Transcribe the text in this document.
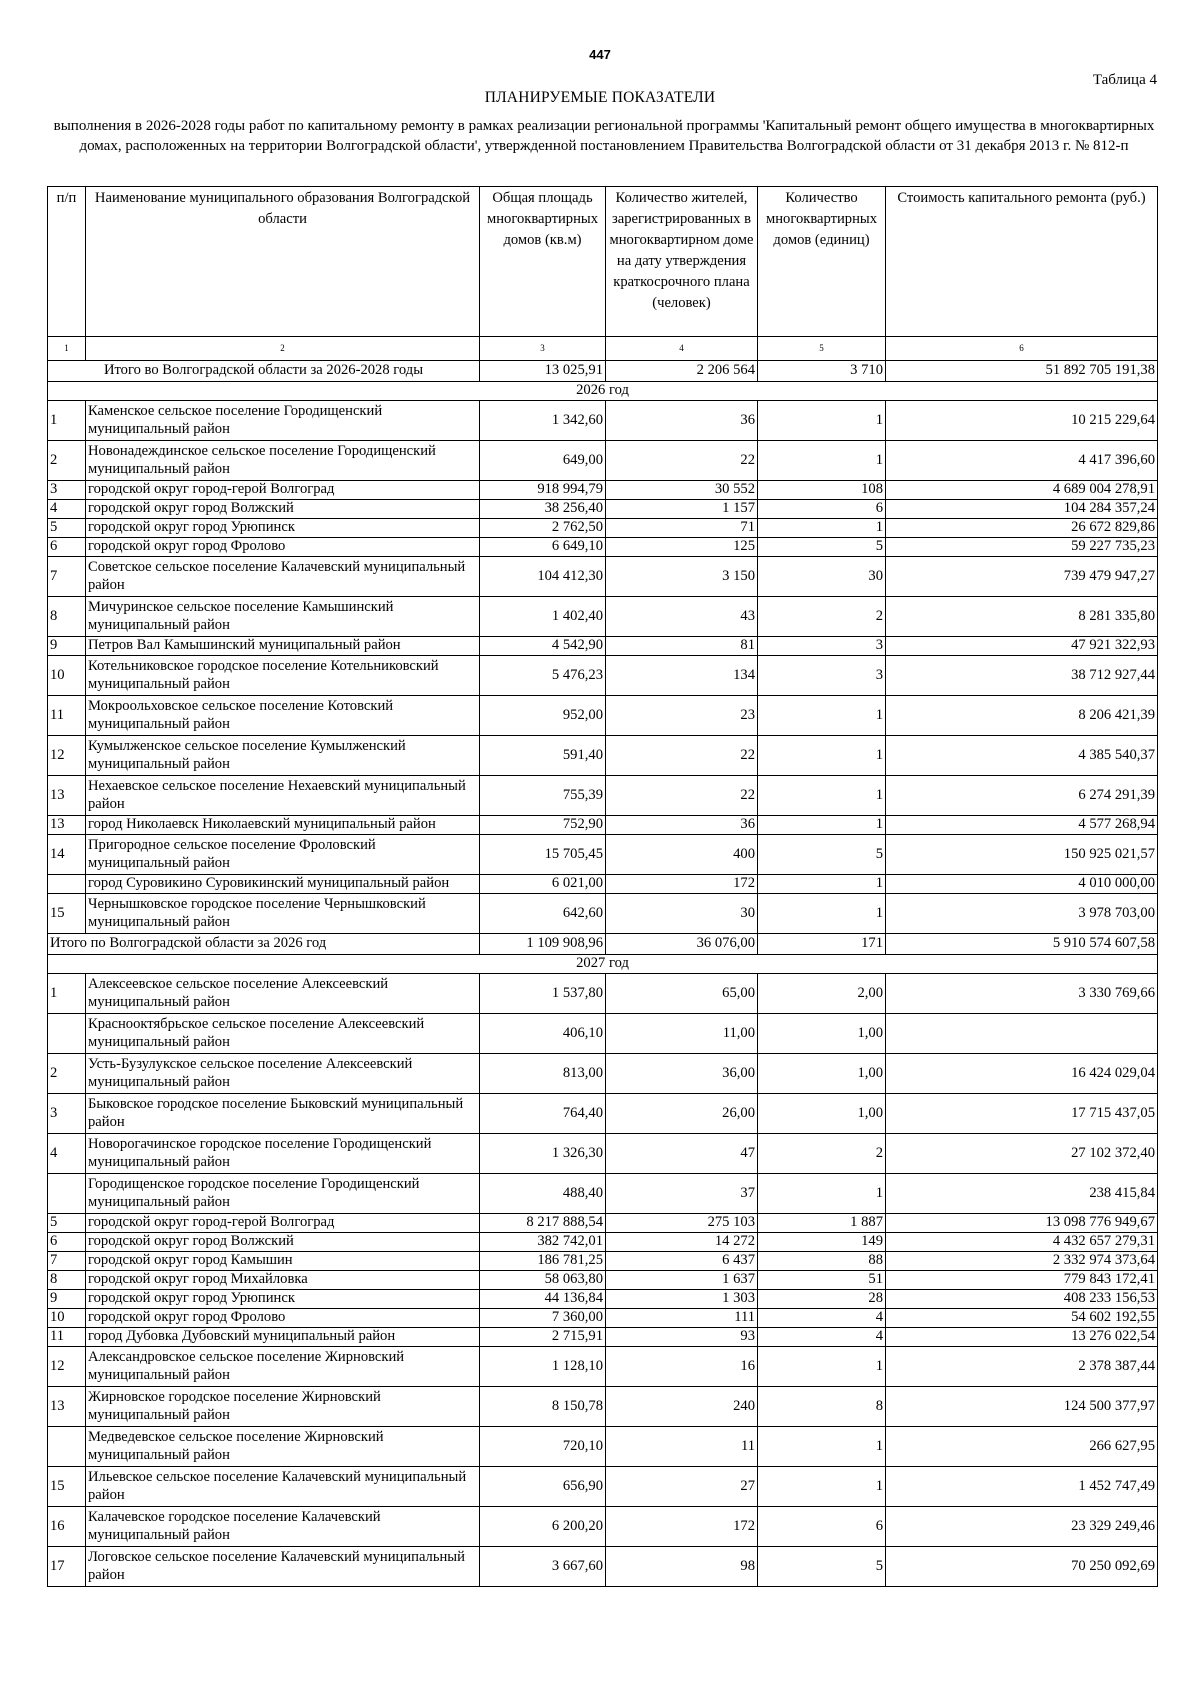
447
Таблица 4
ПЛАНИРУЕМЫЕ ПОКАЗАТЕЛИ
выполнения в 2026-2028 годы работ по капитальному ремонту в рамках реализации региональной программы 'Капитальный ремонт общего имущества в многоквартирных домах, расположенных на территории Волгоградской области', утвержденной постановлением Правительства Волгоградской области от 31 декабря 2013 г. № 812-п
п/п	Наименование муниципального образования Волгоградской области	Общая площадь многоквартирных домов (кв.м)	Количество жителей, зарегистрированных в многоквартирном доме на дату утверждения краткосрочного плана (человек)	Количество многоквартирных домов (единиц)	Стоимость капитального ремонта (руб.)
1	2	3	4	5	6
Итого во Волгоградской области за 2026-2028 годы		13 025,91	2 206 564	3 710	51 892 705 191,38
2026 год					
1	Каменское сельское поселение Городищенский муниципальный район	1 342,60	36	1	10 215 229,64
2	Новонадеждинское сельское поселение Городищенский муниципальный район	649,00	22	1	4 417 396,60
3	городской округ город-герой Волгоград	918 994,79	30 552	108	4 689 004 278,91
4	городской округ город Волжский	38 256,40	1 157	6	104 284 357,24
5	городской округ город Урюпинск	2 762,50	71	1	26 672 829,86
6	городской округ город Фролово	6 649,10	125	5	59 227 735,23
7	Советское сельское поселение Калачевский муниципальный район	104 412,30	3 150	30	739 479 947,27
8	Мичуринское сельское поселение Камышинский муниципальный район	1 402,40	43	2	8 281 335,80
9	Петров Вал Камышинский муниципальный район	4 542,90	81	3	47 921 322,93
10	Котельниковское городское поселение Котельниковский муниципальный район	5 476,23	134	3	38 712 927,44
11	Мокроольховское сельское поселение Котовский муниципальный район	952,00	23	1	8 206 421,39
12	Кумылженское сельское поселение Кумылженский муниципальный район	591,40	22	1	4 385 540,37
13	Нехаевское сельское поселение Нехаевский муниципальный район	755,39	22	1	6 274 291,39
13	город Николаевск Николаевский муниципальный район	752,90	36	1	4 577 268,94
14	Пригородное сельское поселение Фроловский муниципальный район	15 705,45	400	5	150 925 021,57
	город Суровикино Суровикинский муниципальный район	6 021,00	172	1	4 010 000,00
15	Чернышковское городское поселение Чернышковский муниципальный район	642,60	30	1	3 978 703,00
Итого по Волгоградской области за 2026 год		1 109 908,96	36 076,00	171	5 910 574 607,58
2027 год					
1	Алексеевское сельское поселение Алексеевский муниципальный район	1 537,80	65,00	2,00	3 330 769,66
	Краснооктябрьское сельское поселение Алексеевский муниципальный район	406,10	11,00	1,00	
2	Усть-Бузулукское сельское поселение Алексеевский муниципальный район	813,00	36,00	1,00	16 424 029,04
3	Быковское городское поселение Быковский муниципальный район	764,40	26,00	1,00	17 715 437,05
4	Новорогачинское городское поселение Городищенский муниципальный район	1 326,30	47	2	27 102 372,40
	Городищенское городское поселение Городищенский муниципальный район	488,40	37	1	238 415,84
5	городской округ город-герой Волгоград	8 217 888,54	275 103	1 887	13 098 776 949,67
6	городской округ город Волжский	382 742,01	14 272	149	4 432 657 279,31
7	городской округ город Камышин	186 781,25	6 437	88	2 332 974 373,64
8	городской округ город Михайловка	58 063,80	1 637	51	779 843 172,41
9	городской округ город Урюпинск	44 136,84	1 303	28	408 233 156,53
10	городской округ город Фролово	7 360,00	111	4	54 602 192,55
11	город Дубовка Дубовский муниципальный район	2 715,91	93	4	13 276 022,54
12	Александровское сельское поселение Жирновский муниципальный район	1 128,10	16	1	2 378 387,44
13	Жирновское городское поселение Жирновский муниципальный район	8 150,78	240	8	124 500 377,97
	Медведевское сельское поселение Жирновский муниципальный район	720,10	11	1	266 627,95
15	Ильевское сельское поселение Калачевский муниципальный район	656,90	27	1	1 452 747,49
16	Калачевское городское поселение Калачевский муниципальный район	6 200,20	172	6	23 329 249,46
17	Логовское сельское поселение Калачевский муниципальный район	3 667,60	98	5	70 250 092,69
